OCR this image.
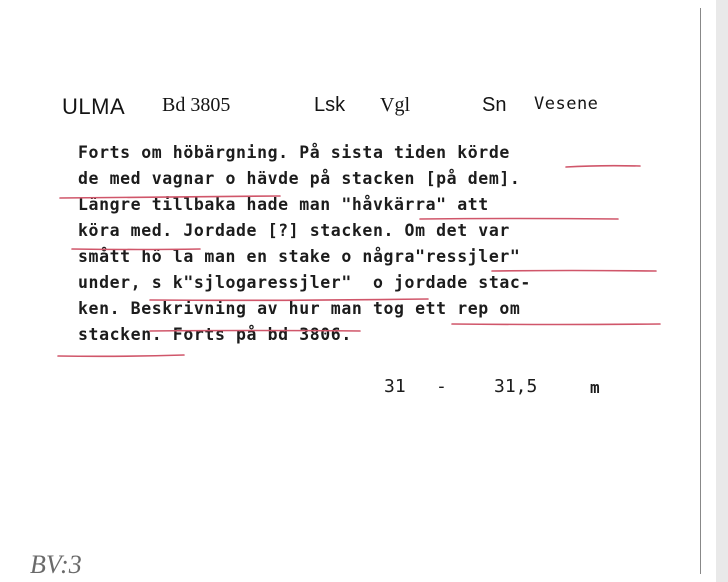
ULMA Bd 3805	Lsk Vgl	Sn Vesene
Forts om höbärgning. På sista tiden körde
de med vagnar o hävde på stacken [på dem].
Längre tillbaka hade man "håvkärra" att
köra med. Jordade [?] stacken. Om det var
smått hö la man en stake o några"ressjler"
under, s k"sjlogaressjler"  o jordade stac-
ken. Beskrivning av hur man tog ett rep om
stacken. Forts på bd 3806.
31 -	31,5	m
BV:3
